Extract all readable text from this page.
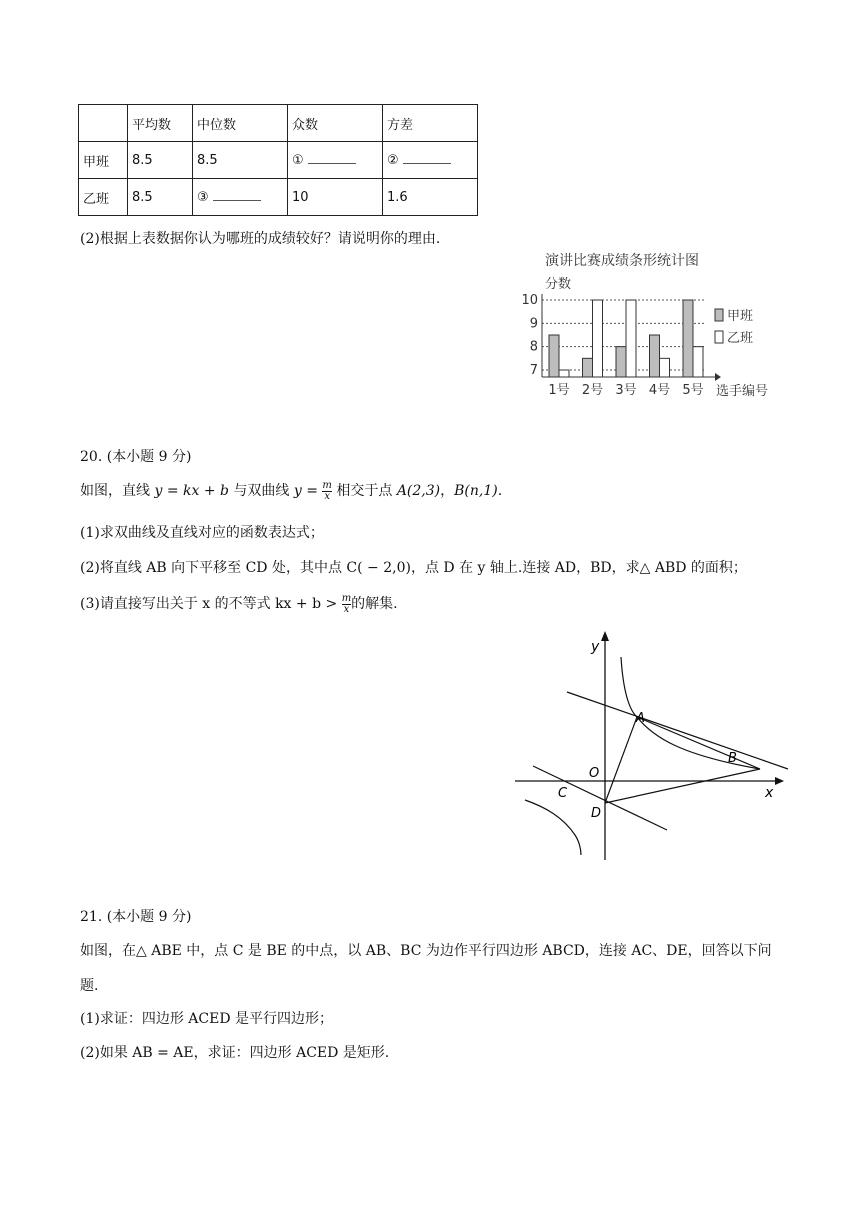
	平均数	中位数	众数	方差
甲班	8.5	8.5	①	②
乙班	8.5	③	10	1.6
(2)根据上表数据你认为哪班的成绩较好？请说明你的理由.
演讲比赛成绩条形统计图
分数
7
8
9
10
1号 2号 3号 4号 5号 选手编号
甲班
乙班
20. (本小题 9 分)
如图，直线 y = kx + b 与双曲线 $y = \frac{m}{x}$ 相交于点 A(2,3)，B(n,1).
(1)求双曲线及直线对应的函数表达式；
(2)将直线 AB 向下平移至 CD 处，其中点 C( − 2,0)，点 D 在 y 轴上.连接 AD，BD，求△ ABD 的面积；
(3)请直接写出关于 x 的不等式 kx + $b > \frac{m}{x}$ 的解集.
y
x
O
A
B
C
D
21. (本小题 9 分)
如图，在△ ABE 中，点 C 是 BE 的中点，以 AB、BC 为边作平行四边形 ABCD，连接 AC、DE，回答以下问
题.
(1)求证：四边形 ACED 是平行四边形；
(2)如果 AB = AE，求证：四边形 ACED 是矩形.
